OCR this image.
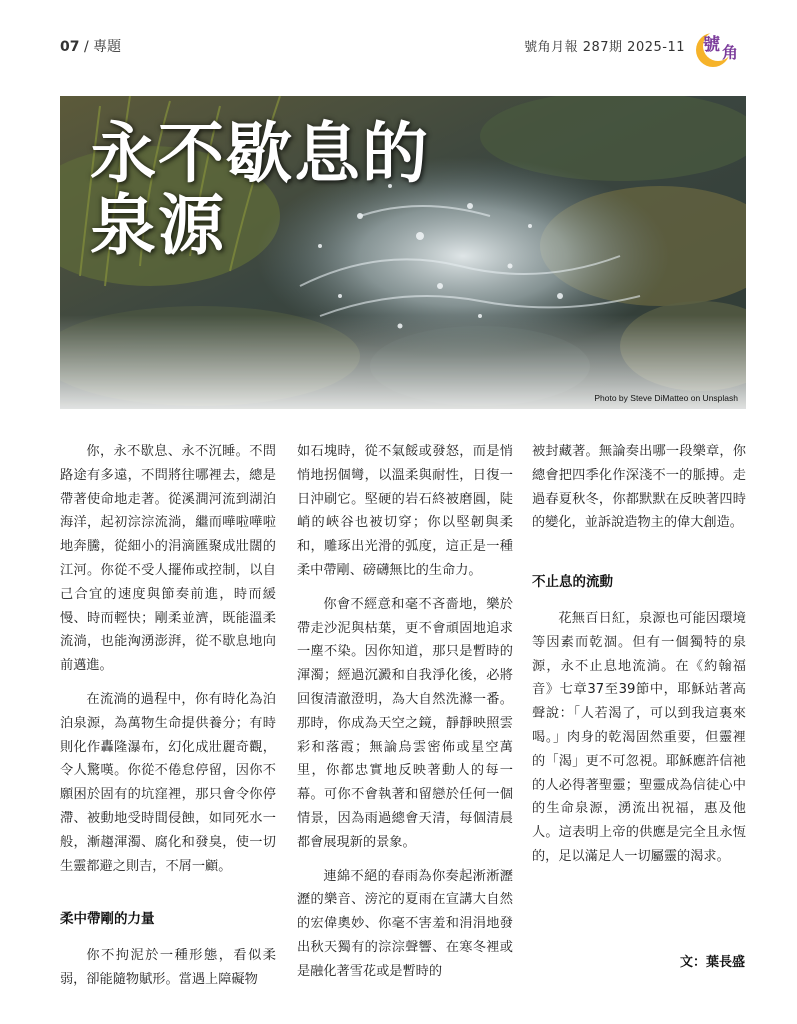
07 / 專題	號角月報 287期 2025-11 號 角
永不歇息的
泉源
Photo by Steve DiMatteo on Unsplash

你，永不歇息、永不沉睡。不問路途有多遠，不問將往哪裡去，總是帶著使命地走著。從溪澗河流到湖泊海洋，起初淙淙流淌，繼而嘩啦嘩啦地奔騰，從細小的涓滴匯聚成壯闊的江河。你從不受人擺佈或控制，以自己合宜的速度與節奏前進，時而緩慢、時而輕快；剛柔並濟，既能溫柔流淌，也能洶湧澎湃，從不歇息地向前邁進。

在流淌的過程中，你有時化為泊泊泉源，為萬物生命提供養分；有時則化作轟隆瀑布，幻化成壯麗奇觀，令人驚嘆。你從不倦怠停留，因你不願困於固有的坑窪裡，那只會令你停滯、被動地受時間侵蝕，如同死水一般，漸趨渾濁、腐化和發臭，使一切生靈都避之則吉，不屑一顧。

柔中帶剛的力量

你不拘泥於一種形態，看似柔弱，卻能隨物賦形。當遇上障礙物

如石塊時，從不氣餒或發怒，而是悄悄地拐個彎，以溫柔與耐性，日復一日沖刷它。堅硬的岩石終被磨圓，陡峭的峽谷也被切穿；你以堅韌與柔和，雕琢出光滑的弧度，這正是一種柔中帶剛、磅礴無比的生命力。

你會不經意和毫不吝嗇地，樂於帶走沙泥與枯葉，更不會頑固地追求一塵不染。因你知道，那只是暫時的渾濁；經過沉澱和自我淨化後，必將回復清澈澄明，為大自然洗滌一番。那時，你成為天空之鏡，靜靜映照雲彩和落霞；無論烏雲密佈或星空萬里，你都忠實地反映著動人的每一幕。可你不會執著和留戀於任何一個情景，因為雨過總會天清，每個清晨都會展現新的景象。

連綿不絕的春雨為你奏起淅淅瀝瀝的樂音、滂沱的夏雨在宣講大自然的宏偉奧妙、你毫不害羞和涓涓地發出秋天獨有的淙淙聲響、在寒冬裡或是融化著雪花或是暫時的

被封藏著。無論奏出哪一段樂章，你總會把四季化作深淺不一的脈搏。走過春夏秋冬，你都默默在反映著四時的變化，並訴說造物主的偉大創造。

不止息的流動

花無百日紅，泉源也可能因環境等因素而乾涸。但有一個獨特的泉源，永不止息地流淌。在《約翰福音》七章37至39節中，耶穌站著高聲說：「人若渴了，可以到我這裏來喝。」肉身的乾渴固然重要，但靈裡的「渴」更不可忽視。耶穌應許信祂的人必得著聖靈；聖靈成為信徒心中的生命泉源，湧流出祝福，惠及他人。這表明上帝的供應是完全且永恆的，足以滿足人一切屬靈的渴求。

文：葉長盛
